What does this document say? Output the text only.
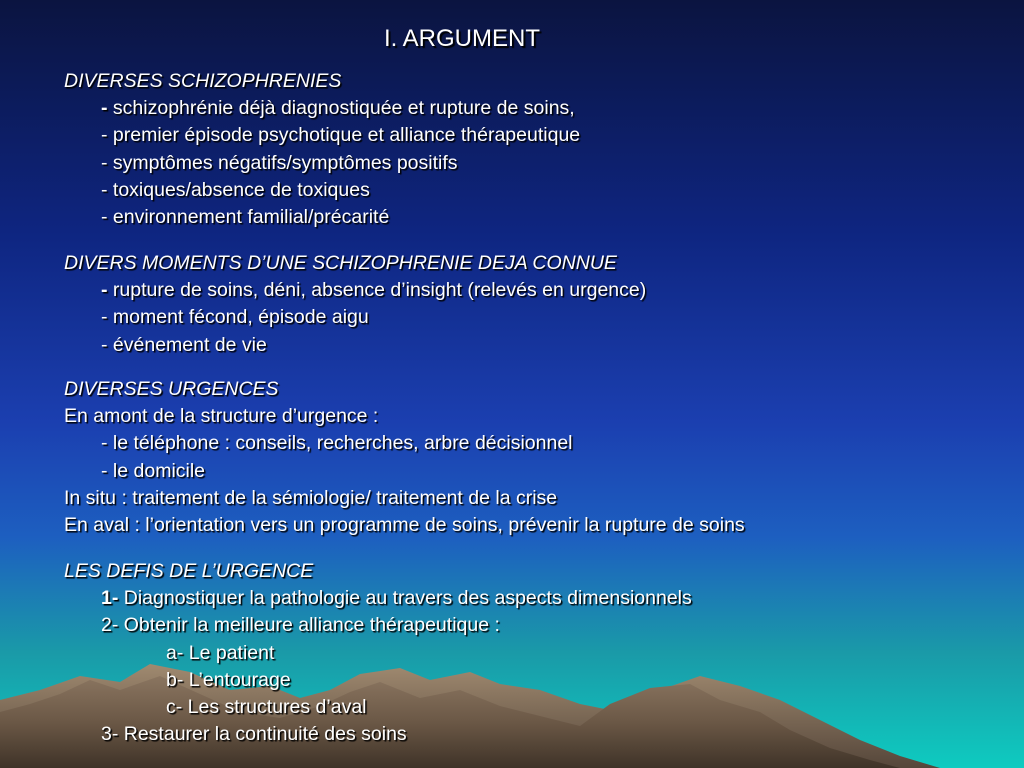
I. ARGUMENT
DIVERSES SCHIZOPHRENIES
- schizophrénie déjà diagnostiquée et rupture de soins,
- premier épisode psychotique et alliance thérapeutique
- symptômes négatifs/symptômes positifs
- toxiques/absence de toxiques
- environnement familial/précarité
DIVERS MOMENTS D’UNE SCHIZOPHRENIE DEJA CONNUE
- rupture de soins, déni, absence d’insight (relevés en urgence)
- moment fécond, épisode aigu
- événement de vie
DIVERSES URGENCES
En amont de la structure d’urgence :
- le téléphone : conseils, recherches, arbre décisionnel
- le domicile
In situ : traitement de la sémiologie/ traitement de la crise
En aval : l’orientation vers un programme de soins, prévenir la rupture de soins
LES DEFIS DE L’URGENCE
1- Diagnostiquer la pathologie au travers des aspects dimensionnels
2- Obtenir la meilleure alliance thérapeutique :
a- Le patient
b- L’entourage
c- Les structures d’aval
3- Restaurer la continuité des soins
